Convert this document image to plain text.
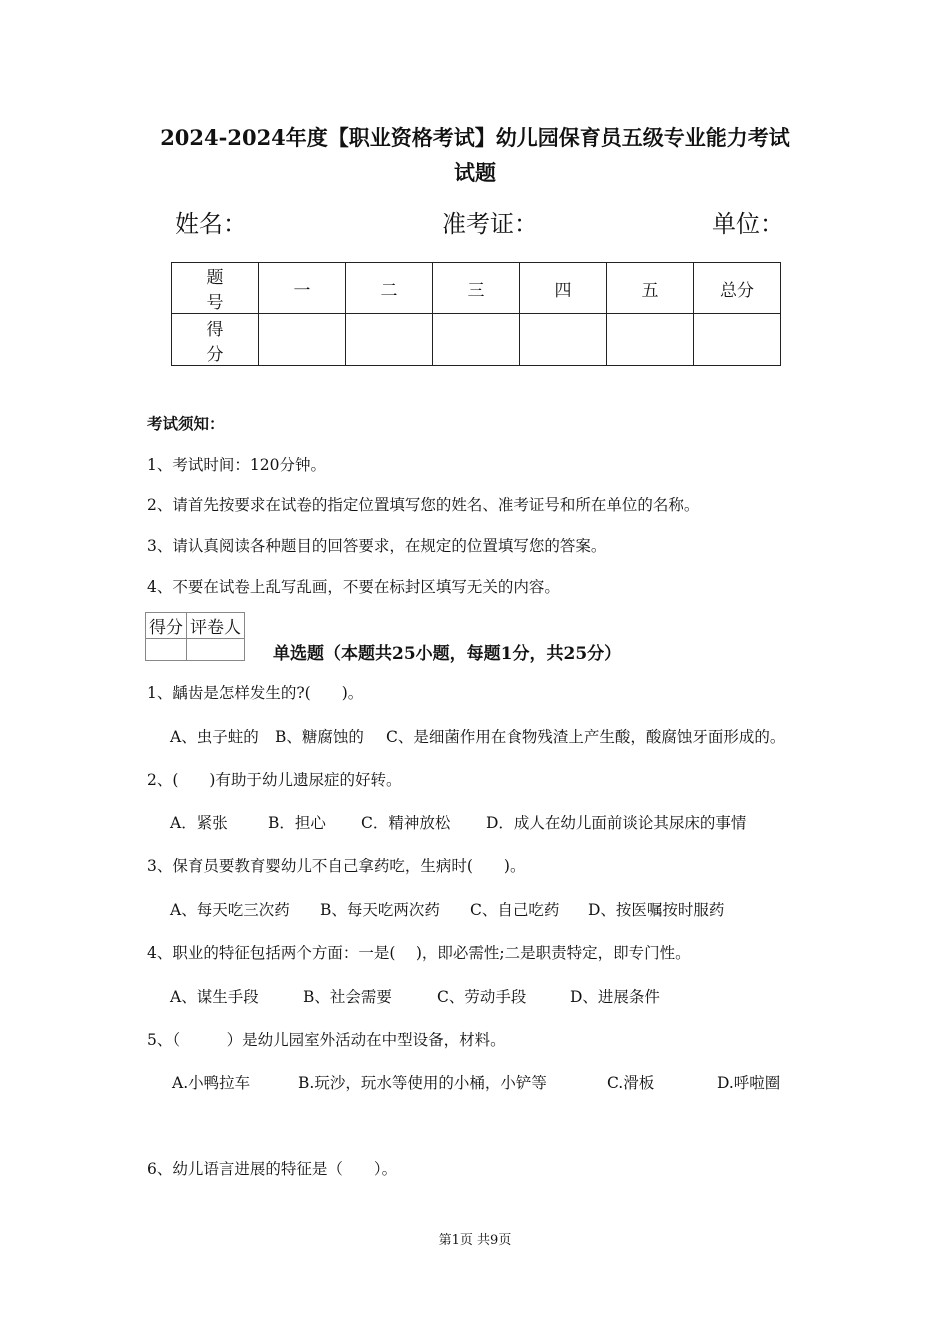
2024-2024年度【职业资格考试】幼儿园保育员五级专业能力考试
试题
姓名：	准考证：	单位：
题号	一	二	三	四	五	总分
得分						
考试须知：
1、考试时间：120分钟。
2、请首先按要求在试卷的指定位置填写您的姓名、准考证号和所在单位的名称。
3、请认真阅读各种题目的回答要求，在规定的位置填写您的答案。
4、不要在试卷上乱写乱画，不要在标封区填写无关的内容。
得分	评卷人

单选题（本题共25小题，每题1分，共25分）
1、龋齿是怎样发生的?(　　)。
A、虫子蛀的 B、糖腐蚀的 C、是细菌作用在食物残渣上产生酸，酸腐蚀牙面形成的。
2、(　　)有助于幼儿遗尿症的好转。
A．紧张	B．担心 C．精神放松 D．成人在幼儿面前谈论其尿床的事情
3、保育员要教育婴幼儿不自己拿药吃，生病时(　　)。
A、每天吃三次药 B、每天吃两次药 C、自己吃药 D、按医嘱按时服药
4、职业的特征包括两个方面：一是(　 )，即必需性;二是职责特定，即专门性。
A、谋生手段	B、社会需要	C、劳动手段	D、进展条件
5、（　　　）是幼儿园室外活动在中型设备，材料。
A.小鸭拉车	B.玩沙，玩水等使用的小桶，小铲等	C.滑板	D.呼啦圈
6、幼儿语言进展的特征是（　　）。
第1页 共9页
